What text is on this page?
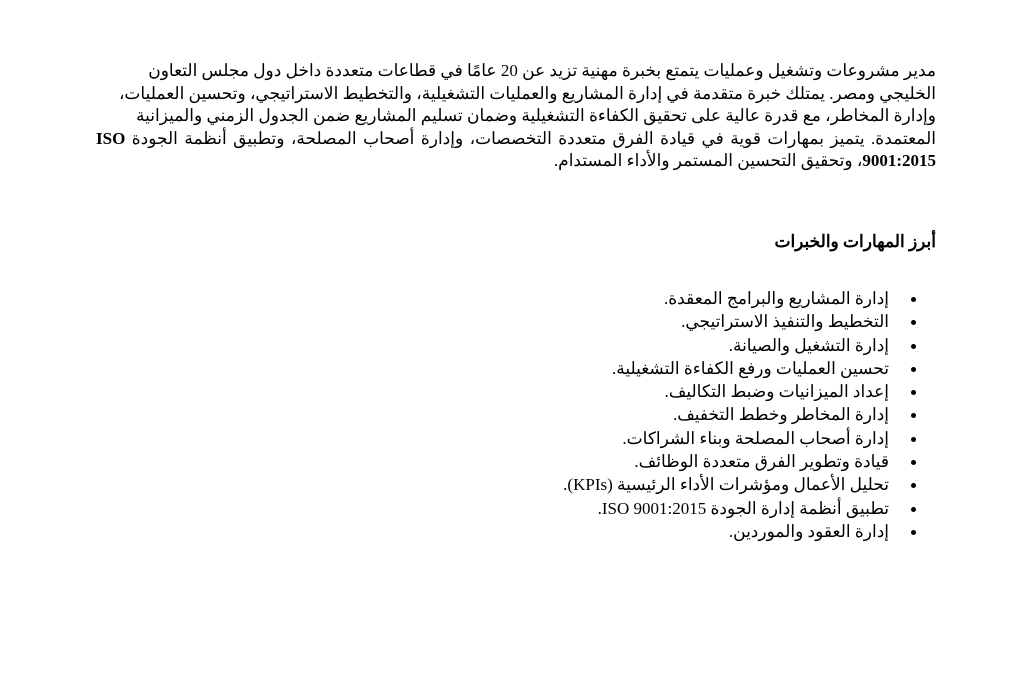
مدير مشروعات وتشغيل وعمليات يتمتع بخبرة مهنية تزيد عن 20 عامًا في قطاعات متعددة داخل دول مجلس التعاون
الخليجي ومصر. يمتلك خبرة متقدمة في إدارة المشاريع والعمليات التشغيلية، والتخطيط الاستراتيجي، وتحسين العمليات،
وإدارة المخاطر، مع قدرة عالية على تحقيق الكفاءة التشغيلية وضمان تسليم المشاريع ضمن الجدول الزمني والميزانية
المعتمدة. يتميز بمهارات قوية في قيادة الفرق متعددة التخصصات، وإدارة أصحاب المصلحة، وتطبيق أنظمة الجودة ISO 9001:2015، وتحقيق التحسين المستمر والأداء المستدام.

أبرز المهارات والخبرات
إدارة المشاريع والبرامج المعقدة.
التخطيط والتنفيذ الاستراتيجي.
إدارة التشغيل والصيانة.
تحسين العمليات ورفع الكفاءة التشغيلية.
إعداد الميزانيات وضبط التكاليف.
إدارة المخاطر وخطط التخفيف.
إدارة أصحاب المصلحة وبناء الشراكات.
قيادة وتطوير الفرق متعددة الوظائف.
تحليل الأعمال ومؤشرات الأداء الرئيسية (KPIs).
تطبيق أنظمة إدارة الجودة ISO 9001:2015.
إدارة العقود والموردين.
